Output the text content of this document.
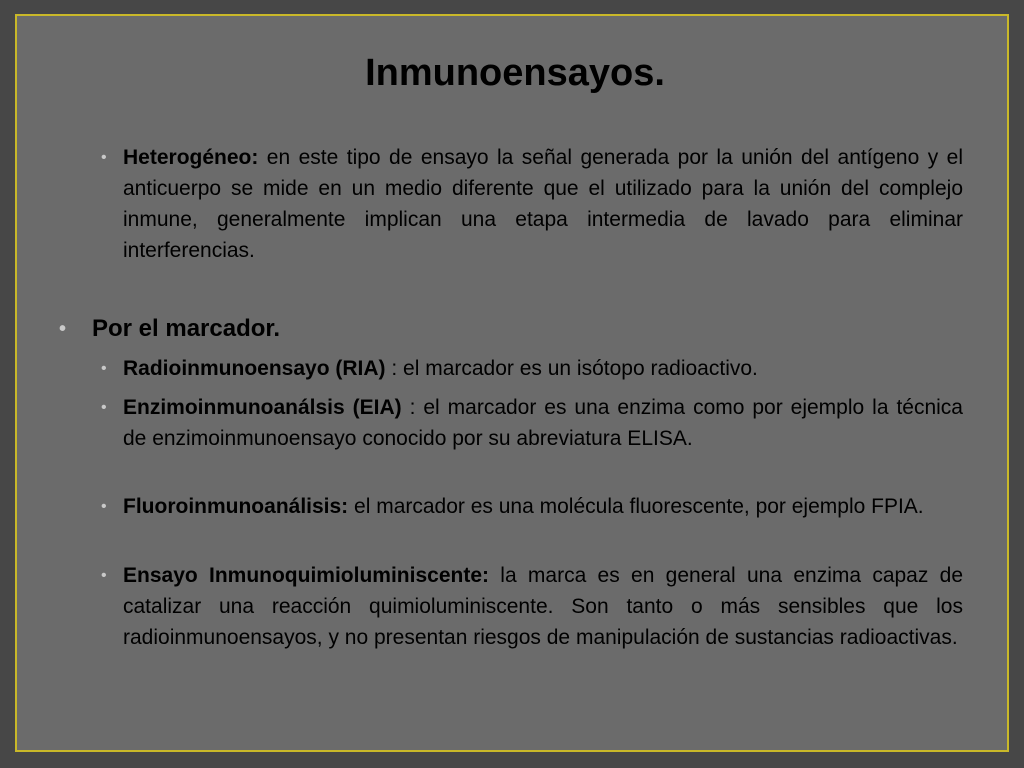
Inmunoensayos.

• Heterogéneo: en este tipo de ensayo la señal generada por la unión del antígeno y el anticuerpo se mide en un medio diferente que el utilizado para la unión del complejo inmune, generalmente implican una etapa intermedia de lavado para eliminar interferencias.

• Por el marcador.

• Radioinmunoensayo (RIA) : el marcador es un isótopo radioactivo.

• Enzimoinmunoanálsis (EIA) : el marcador es una enzima como por ejemplo la técnica de enzimoinmunoensayo conocido por su abreviatura ELISA.

• Fluoroinmunoanálisis: el marcador es una molécula fluorescente, por ejemplo FPIA.

• Ensayo Inmunoquimioluminiscente: la marca es en general una enzima capaz de catalizar una reacción quimioluminiscente. Son tanto o más sensibles que los radioinmunoensayos, y no presentan riesgos de manipulación de sustancias radioactivas.
